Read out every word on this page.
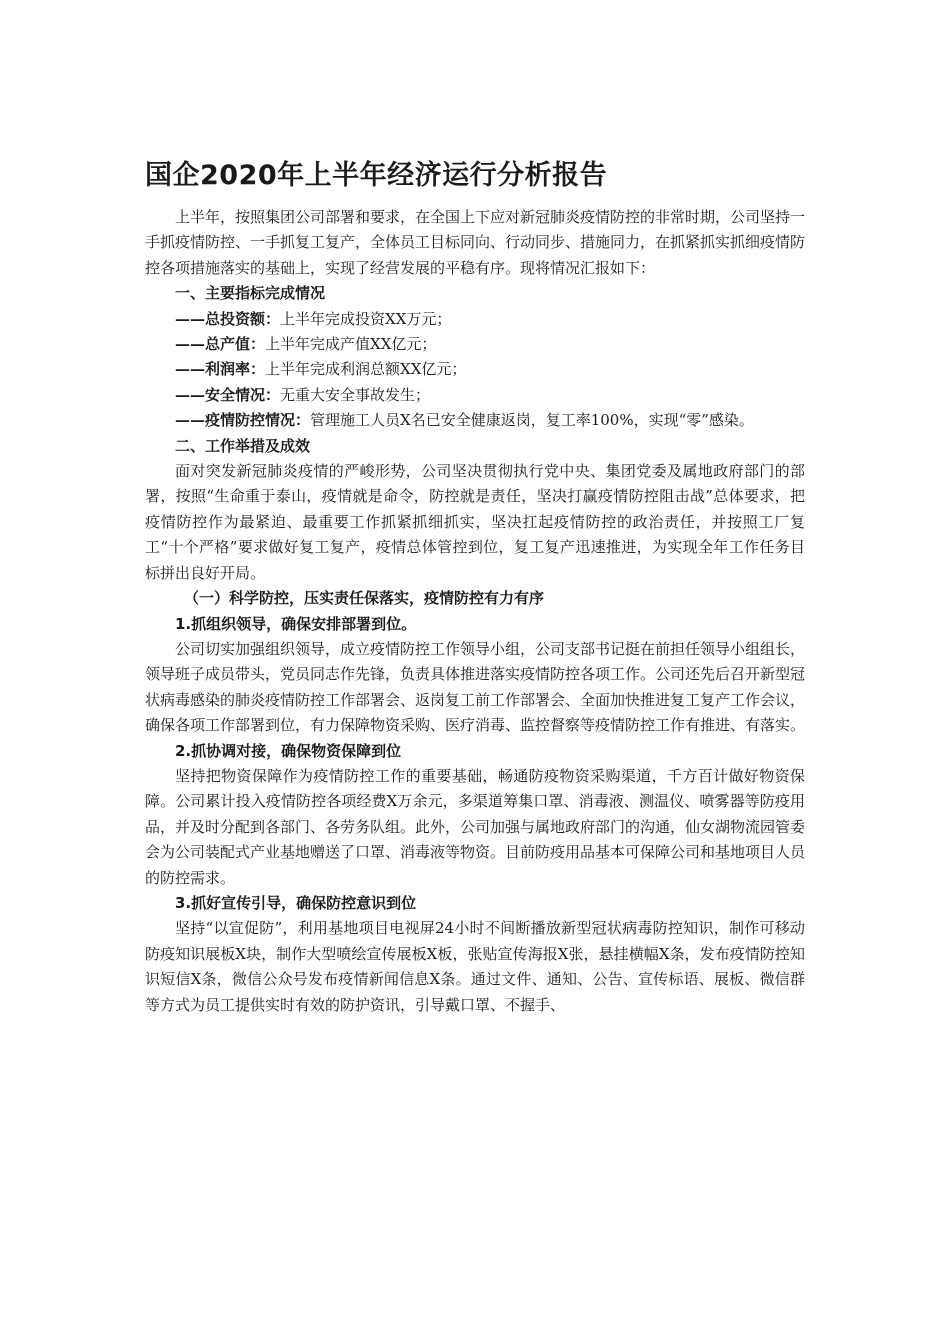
国企2020年上半年经济运行分析报告

上半年，按照集团公司部署和要求，在全国上下应对新冠肺炎疫情防控的非常时期，公司坚持一手抓疫情防控、一手抓复工复产，全体员工目标同向、行动同步、措施同力，在抓紧抓实抓细疫情防控各项措施落实的基础上，实现了经营发展的平稳有序。现将情况汇报如下：

一、主要指标完成情况

——总投资额：上半年完成投资XX万元；

——总产值：上半年完成产值XX亿元；

——利润率：上半年完成利润总额XX亿元；

——安全情况：无重大安全事故发生；

——疫情防控情况：管理施工人员X名已安全健康返岗，复工率100%，实现“零”感染。

二、工作举措及成效

面对突发新冠肺炎疫情的严峻形势，公司坚决贯彻执行党中央、集团党委及属地政府部门的部署，按照“生命重于泰山，疫情就是命令，防控就是责任，坚决打赢疫情防控阻击战”总体要求，把疫情防控作为最紧迫、最重要工作抓紧抓细抓实，坚决扛起疫情防控的政治责任，并按照工厂复工“十个严格”要求做好复工复产，疫情总体管控到位，复工复产迅速推进，为实现全年工作任务目标拼出良好开局。

（一）科学防控，压实责任保落实，疫情防控有力有序

1.抓组织领导，确保安排部署到位。

公司切实加强组织领导，成立疫情防控工作领导小组，公司支部书记挺在前担任领导小组组长，领导班子成员带头，党员同志作先锋，负责具体推进落实疫情防控各项工作。公司还先后召开新型冠状病毒感染的肺炎疫情防控工作部署会、返岗复工前工作部署会、全面加快推进复工复产工作会议，确保各项工作部署到位，有力保障物资采购、医疗消毒、监控督察等疫情防控工作有推进、有落实。

2.抓协调对接，确保物资保障到位

坚持把物资保障作为疫情防控工作的重要基础，畅通防疫物资采购渠道，千方百计做好物资保障。公司累计投入疫情防控各项经费X万余元，多渠道筹集口罩、消毒液、测温仪、喷雾器等防疫用品，并及时分配到各部门、各劳务队组。此外，公司加强与属地政府部门的沟通，仙女湖物流园管委会为公司装配式产业基地赠送了口罩、消毒液等物资。目前防疫用品基本可保障公司和基地项目人员的防控需求。

3.抓好宣传引导，确保防控意识到位

坚持“以宣促防”，利用基地项目电视屏24小时不间断播放新型冠状病毒防控知识，制作可移动防疫知识展板X块，制作大型喷绘宣传展板X板，张贴宣传海报X张，悬挂横幅X条，发布疫情防控知识短信X条，微信公众号发布疫情新闻信息X条。通过文件、通知、公告、宣传标语、展板、微信群等方式为员工提供实时有效的防护资讯，引导戴口罩、不握手、
